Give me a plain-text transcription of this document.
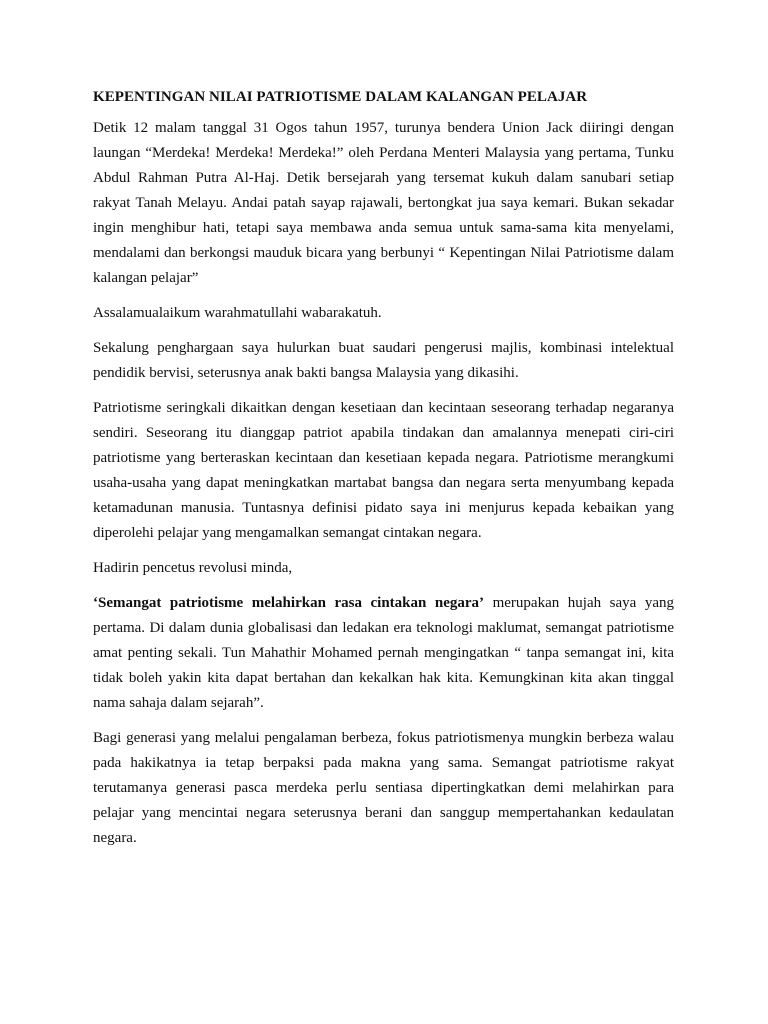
KEPENTINGAN NILAI PATRIOTISME DALAM KALANGAN PELAJAR

Detik 12 malam tanggal 31 Ogos tahun 1957, turunya bendera Union Jack diiringi dengan laungan “Merdeka! Merdeka! Merdeka!” oleh Perdana Menteri Malaysia yang pertama, Tunku Abdul Rahman Putra Al-Haj. Detik bersejarah yang tersemat kukuh dalam sanubari setiap rakyat Tanah Melayu. Andai patah sayap rajawali, bertongkat jua saya kemari. Bukan sekadar ingin menghibur hati, tetapi saya membawa anda semua untuk sama-sama kita menyelami, mendalami dan berkongsi mauduk bicara yang berbunyi “ Kepentingan Nilai Patriotisme dalam kalangan pelajar”

Assalamualaikum warahmatullahi wabarakatuh.

Sekalung penghargaan saya hulurkan buat saudari pengerusi majlis, kombinasi intelektual pendidik bervisi, seterusnya anak bakti bangsa Malaysia yang dikasihi.

Patriotisme seringkali dikaitkan dengan kesetiaan dan kecintaan seseorang terhadap negaranya sendiri. Seseorang itu dianggap patriot apabila tindakan dan amalannya menepati ciri-ciri patriotisme yang berteraskan kecintaan dan kesetiaan kepada negara. Patriotisme merangkumi usaha-usaha yang dapat meningkatkan martabat bangsa dan negara serta menyumbang kepada ketamadunan manusia. Tuntasnya definisi pidato saya ini menjurus kepada kebaikan yang diperolehi pelajar yang mengamalkan semangat cintakan negara.

Hadirin pencetus revolusi minda,

‘Semangat patriotisme melahirkan rasa cintakan negara’ merupakan hujah saya yang pertama. Di dalam dunia globalisasi dan ledakan era teknologi maklumat, semangat patriotisme amat penting sekali. Tun Mahathir Mohamed pernah mengingatkan “ tanpa semangat ini, kita tidak boleh yakin kita dapat bertahan dan kekalkan hak kita. Kemungkinan kita akan tinggal nama sahaja dalam sejarah”.

Bagi generasi yang melalui pengalaman berbeza, fokus patriotismenya mungkin berbeza walau pada hakikatnya ia tetap berpaksi pada makna yang sama. Semangat patriotisme rakyat terutamanya generasi pasca merdeka perlu sentiasa dipertingkatkan demi melahirkan para pelajar yang mencintai negara seterusnya berani dan sanggup mempertahankan kedaulatan negara.
